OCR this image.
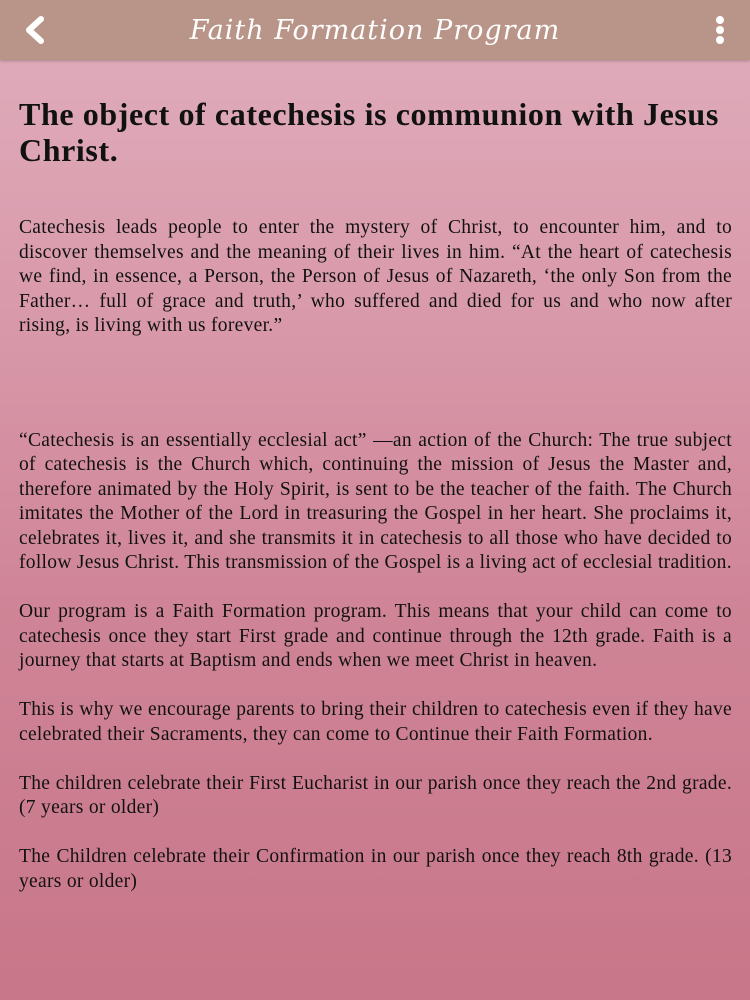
Faith Formation Program
The object of catechesis is communion with Jesus Christ.

Catechesis leads people to enter the mystery of Christ, to encounter him, and to discover themselves and the meaning of their lives in him. “At the heart of catechesis we find, in essence, a Person, the Person of Jesus of Nazareth, ‘the only Son from the Father… full of grace and truth,’ who suffered and died for us and who now after rising, is living with us forever.”

“Catechesis is an essentially ecclesial act” —an action of the Church: The true subject of catechesis is the Church which, continuing the mission of Jesus the Master and, therefore animated by the Holy Spirit, is sent to be the teacher of the faith. The Church imitates the Mother of the Lord in treasuring the Gospel in her heart. She proclaims it, celebrates it, lives it, and she transmits it in catechesis to all those who have decided to follow Jesus Christ. This transmission of the Gospel is a living act of ecclesial tradition.

Our program is a Faith Formation program. This means that your child can come to catechesis once they start First grade and continue through the 12th grade. Faith is a journey that starts at Baptism and ends when we meet Christ in heaven.

This is why we encourage parents to bring their children to catechesis even if they have celebrated their Sacraments, they can come to Continue their Faith Formation.

The children celebrate their First Eucharist in our parish once they reach the 2nd grade. (7 years or older)

The Children celebrate their Confirmation in our parish once they reach 8th grade. (13 years or older)
